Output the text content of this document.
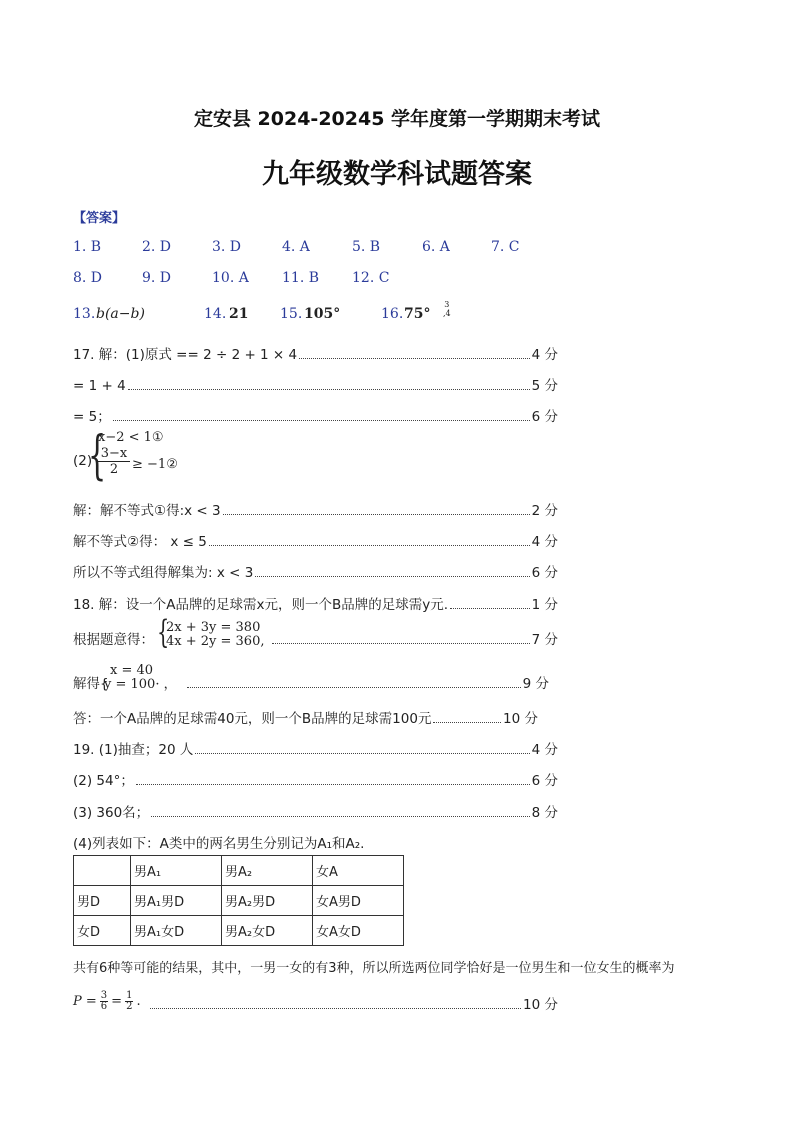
定安县 2024-20245 学年度第一学期期末考试
九年级数学科试题答案
【答案】
1. B	2. D	3. D	4. A	5. B	6. A	7. C
8. D	9. D	10. A 11. B 12. C
13. b(a−b)	14. 21 15. 105°	16. 75°
3
,4
17. 解：(1)原式 == 2 ÷ 2 + 1 × 4	4 分
= 1 + 4	5 分
= 5；	6 分
(2)
{
x−2 < 1①
$\frac{3-x}{2}$ ≥ −1②
解：解不等式①得:x < 3	2 分
解不等式②得： x ≤ 5	4 分
所以不等式组得解集为: x < 3	6 分
18. 解：设一个A品牌的足球需x元，则一个B品牌的足球需y元.	1 分
根据题意得： {
2x + 3y = 380
4x + 2y = 360,	7 分
解得{
x = 40
y = 100· ，	9 分
答：一个A品牌的足球需40元，则一个B品牌的足球需100元	10 分
19. (1)抽查；20 人	4 分
(2) 54°；	6 分
(3) 360名；	8 分
(4)列表如下：A类中的两名男生分别记为A₁和A₂.
	男A₁	男A₂	女A
男D	男A₁男D	男A₂男D	女A男D
女D	男A₁女D	男A₂女D	女A女D
共有6种等可能的结果，其中，一男一女的有3种，所以所选两位同学恰好是一位男生和一位女生的概率为
$P = \frac{3}{6} = \frac{1}{2}$ .	10 分
